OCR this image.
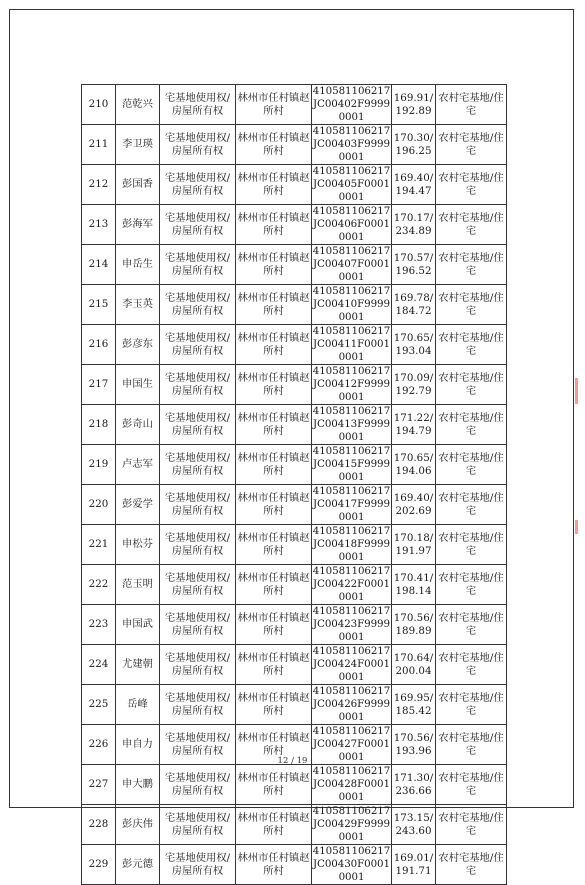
210	范乾兴	宅基地使用权/房屋所有权	林州市任村镇赵所村	410581106217JC00402F99990001	169.91/192.89	农村宅基地/住宅
211	李卫瑛	宅基地使用权/房屋所有权	林州市任村镇赵所村	410581106217JC00403F99990001	170.30/196.25	农村宅基地/住宅
212	彭国香	宅基地使用权/房屋所有权	林州市任村镇赵所村	410581106217JC00405F00010001	169.40/194.47	农村宅基地/住宅
213	彭海军	宅基地使用权/房屋所有权	林州市任村镇赵所村	410581106217JC00406F00010001	170.17/234.89	农村宅基地/住宅
214	申岳生	宅基地使用权/房屋所有权	林州市任村镇赵所村	410581106217JC00407F00010001	170.57/196.52	农村宅基地/住宅
215	李玉英	宅基地使用权/房屋所有权	林州市任村镇赵所村	410581106217JC00410F99990001	169.78/184.72	农村宅基地/住宅
216	彭彦东	宅基地使用权/房屋所有权	林州市任村镇赵所村	410581106217JC00411F00010001	170.65/193.04	农村宅基地/住宅
217	申国生	宅基地使用权/房屋所有权	林州市任村镇赵所村	410581106217JC00412F99990001	170.09/192.79	农村宅基地/住宅
218	彭奇山	宅基地使用权/房屋所有权	林州市任村镇赵所村	410581106217JC00413F99990001	171.22/194.79	农村宅基地/住宅
219	卢志军	宅基地使用权/房屋所有权	林州市任村镇赵所村	410581106217JC00415F99990001	170.65/194.06	农村宅基地/住宅
220	彭爱学	宅基地使用权/房屋所有权	林州市任村镇赵所村	410581106217JC00417F99990001	169.40/202.69	农村宅基地/住宅
221	申松芬	宅基地使用权/房屋所有权	林州市任村镇赵所村	410581106217JC00418F99990001	170.18/191.97	农村宅基地/住宅
222	范玉明	宅基地使用权/房屋所有权	林州市任村镇赵所村	410581106217JC00422F00010001	170.41/198.14	农村宅基地/住宅
223	申国武	宅基地使用权/房屋所有权	林州市任村镇赵所村	410581106217JC00423F99990001	170.56/189.89	农村宅基地/住宅
224	尤建朝	宅基地使用权/房屋所有权	林州市任村镇赵所村	410581106217JC00424F00010001	170.64/200.04	农村宅基地/住宅
225	岳峰	宅基地使用权/房屋所有权	林州市任村镇赵所村	410581106217JC00426F99990001	169.95/185.42	农村宅基地/住宅
226	申自力	宅基地使用权/房屋所有权	林州市任村镇赵所村	410581106217JC00427F00010001	170.56/193.96	农村宅基地/住宅
227	申大鹏	宅基地使用权/房屋所有权	林州市任村镇赵所村	410581106217JC00428F00010001	171.30/236.66	农村宅基地/住宅
228	彭庆伟	宅基地使用权/房屋所有权	林州市任村镇赵所村	410581106217JC00429F99990001	173.15/243.60	农村宅基地/住宅
229	彭元德	宅基地使用权/房屋所有权	林州市任村镇赵所村	410581106217JC00430F00010001	169.01/191.71	农村宅基地/住宅
12 / 19
